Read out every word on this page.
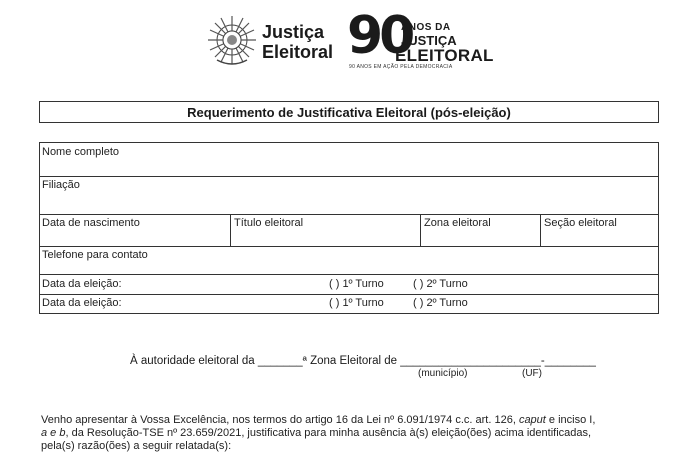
Justiça
Eleitoral 90
ANOS DA
JUSTIÇA
ELEITORAL
90 ANOS EM AÇÃO PELA DEMOCRACIA
Requerimento de Justificativa Eleitoral (pós-eleição)
Nome completo
Filiação
Data de nascimento	Título eleitoral	Zona eleitoral	Seção eleitoral
Telefone para contato
Data da eleição:	( ) 1º Turno	( ) 2º Turno
Data da eleição:	( ) 1º Turno	( ) 2º Turno
À autoridade eleitoral da _______ª Zona Eleitoral de ______________________-________
(município)	(UF)
Venho apresentar à Vossa Excelência, nos termos do artigo 16 da Lei nº 6.091/1974 c.c. art. 126, caput e inciso I,
a e b, da Resolução-TSE nº 23.659/2021, justificativa para minha ausência à(s) eleição(ões) acima identificadas,
pela(s) razão(ões) a seguir relatada(s):
